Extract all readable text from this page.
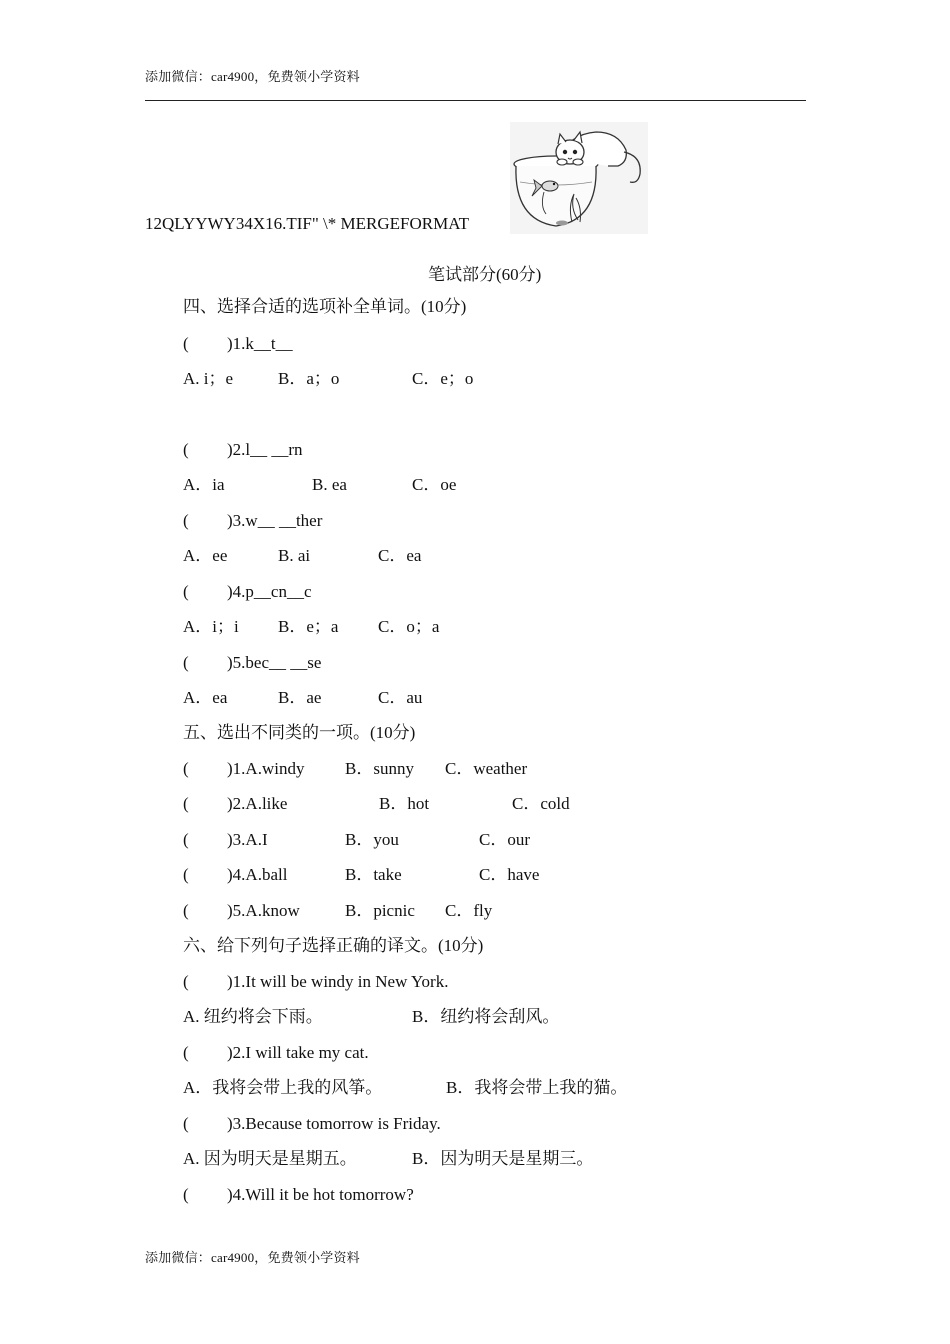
添加微信：car4900，免费领小学资料
12QLYYWY34X16.TIF" \* MERGEFORMAT
笔试部分(60分)
四、选择合适的选项补全单词。(10分)
( )1.k__t__
A. i；e	B．a；o	C．e；o
( )2.l__ __rn
A．ia	B. ea	C．oe
( )3.w__ __ther
A．ee	B. ai	C．ea
( )4.p__cn__c
A．i；i B．e；a C．o；a
( )5.bec__ __se
A．ea	B．ae	C．au
五、选出不同类的一项。(10分)
( )1.A.windy B．sunny C．weather
( )2.A.like	B．hot	C．cold
( )3.A.I	B．you	C．our
( )4.A.ball	B．take	C．have
( )5.A.know	B．picnic C．fly
六、给下列句子选择正确的译文。(10分)
( )1.It will be windy in New York.
A. 纽约将会下雨。	B．纽约将会刮风。
( )2.I will take my cat.
A．我将会带上我的风筝。	B．我将会带上我的猫。
( )3.Because tomorrow is Friday.
A. 因为明天是星期五。	B．因为明天是星期三。
( )4.Will it be hot tomorrow?
添加微信：car4900，免费领小学资料
